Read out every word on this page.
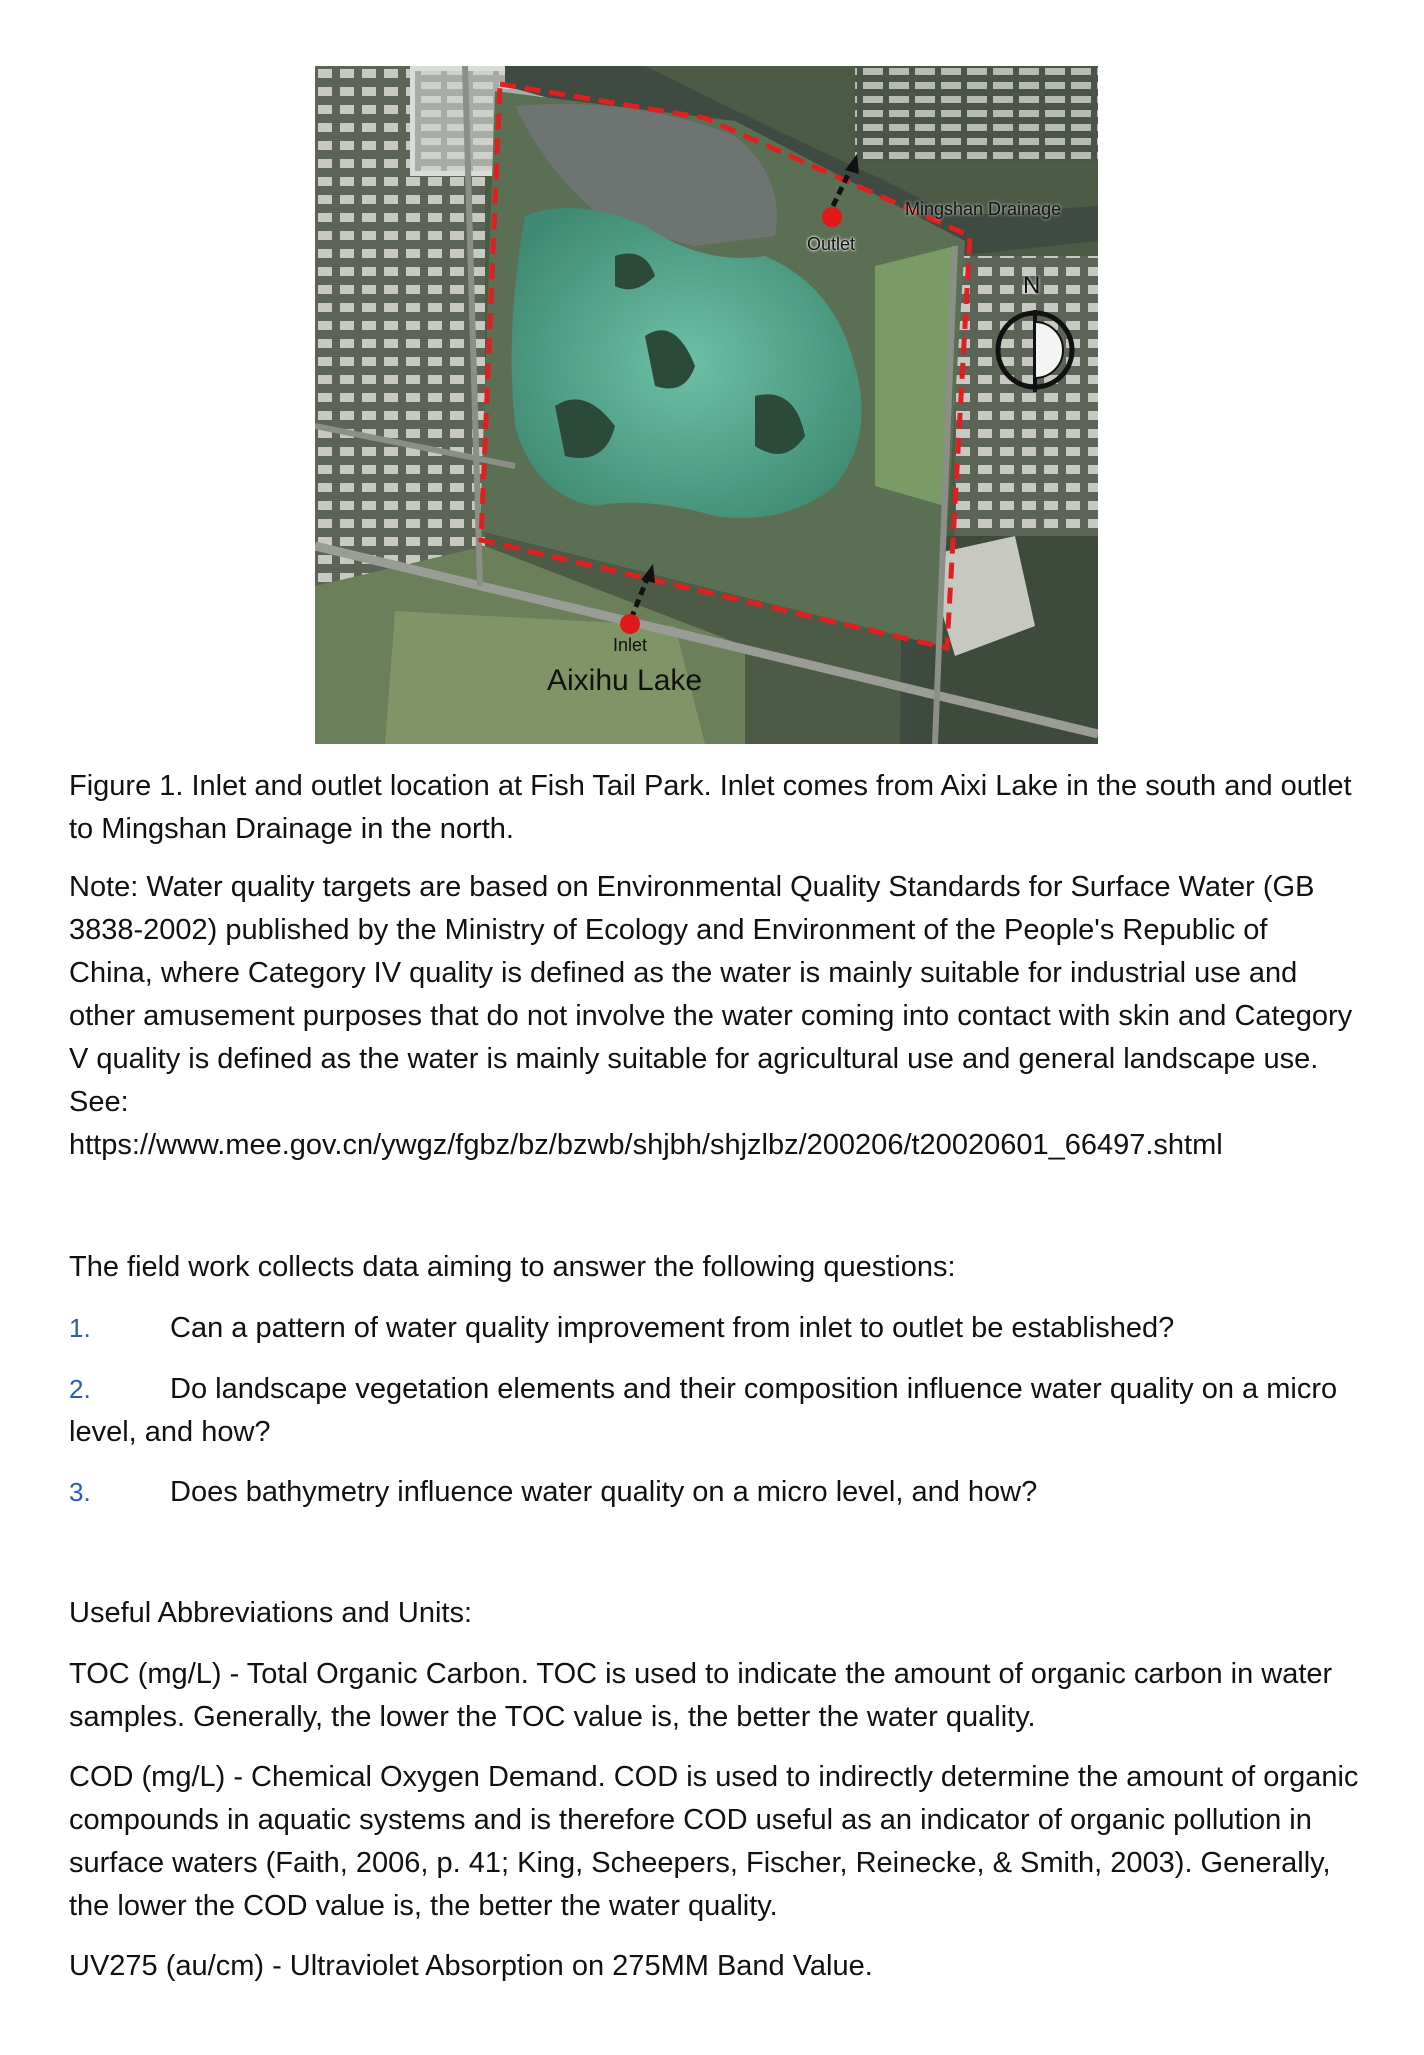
Mingshan Drainage
Outlet
N
Inlet
Aixihu Lake

Figure 1. Inlet and outlet location at Fish Tail Park. Inlet comes from Aixi Lake in the south and outlet to Mingshan Drainage in the north.

Note: Water quality targets are based on Environmental Quality Standards for Surface Water (GB 3838-2002) published by the Ministry of Ecology and Environment of the People's Republic of China, where Category IV quality is defined as the water is mainly suitable for industrial use and other amusement purposes that do not involve the water coming into contact with skin and Category V quality is defined as the water is mainly suitable for agricultural use and general landscape use. See:
https://www.mee.gov.cn/ywgz/fgbz/bz/bzwb/shjbh/shjzlbz/200206/t20020601_66497.shtml

The field work collects data aiming to answer the following questions:

1.	Can a pattern of water quality improvement from inlet to outlet be established?

2.	Do landscape vegetation elements and their composition influence water quality on a micro level, and how?

3.	Does bathymetry influence water quality on a micro level, and how?

Useful Abbreviations and Units:

TOC (mg/L) - Total Organic Carbon. TOC is used to indicate the amount of organic carbon in water samples. Generally, the lower the TOC value is, the better the water quality.

COD (mg/L) - Chemical Oxygen Demand. COD is used to indirectly determine the amount of organic compounds in aquatic systems and is therefore COD useful as an indicator of organic pollution in surface waters (Faith, 2006, p. 41; King, Scheepers, Fischer, Reinecke, & Smith, 2003). Generally, the lower the COD value is, the better the water quality.

UV275 (au/cm) - Ultraviolet Absorption on 275MM Band Value.
